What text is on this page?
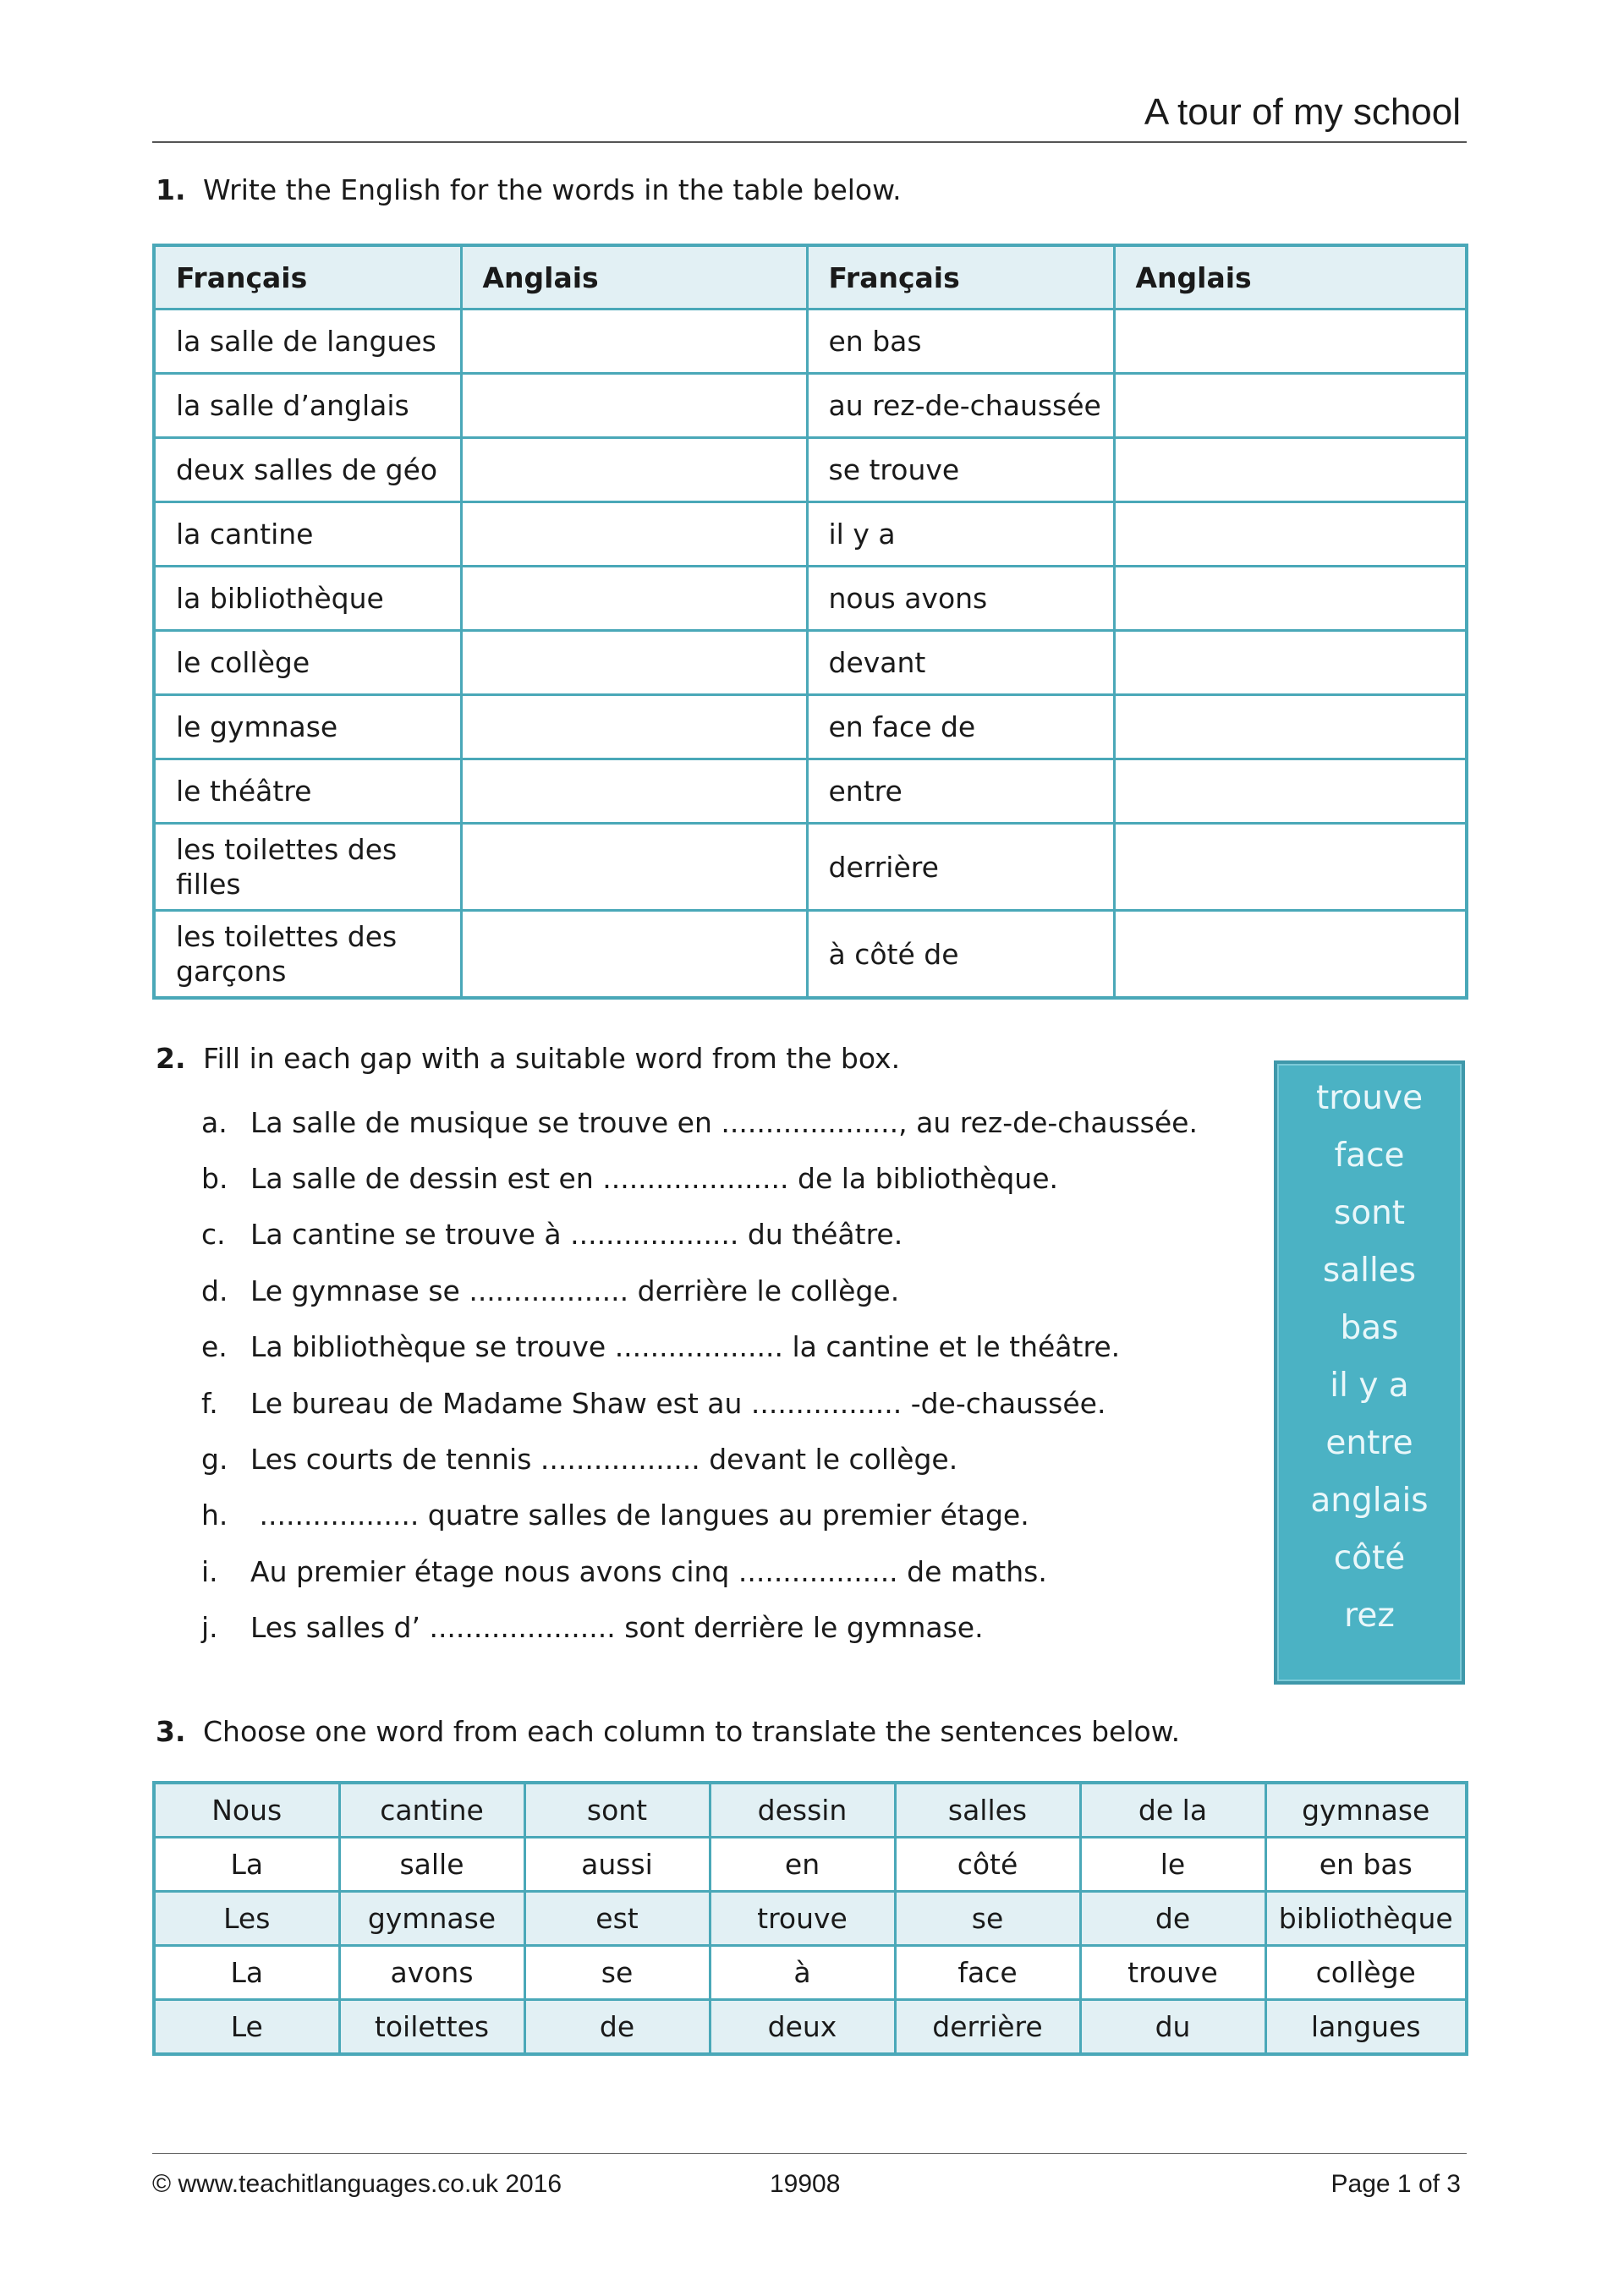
A tour of my school
1. Write the English for the words in the table below.
Français	Anglais	Français	Anglais
la salle de langues		en bas	
la salle d’anglais		au rez-de-chaussée	
deux salles de géo		se trouve	
la cantine		il y a	
la bibliothèque		nous avons	
le collège		devant	
le gymnase		en face de	
le théâtre		entre	
les toilettes des filles		derrière	
les toilettes des garçons		à côté de	
2. Fill in each gap with a suitable word from the box.
a. La salle de musique se trouve en ...................., au rez-de-chaussée.
b. La salle de dessin est en ..................... de la bibliothèque.
c. La cantine se trouve à ................... du théâtre.
d. Le gymnase se .................. derrière le collège.
e. La bibliothèque se trouve ................... la cantine et le théâtre.
f. Le bureau de Madame Shaw est au ................. -de-chaussée.
g. Les courts de tennis .................. devant le collège.
h. .................. quatre salles de langues au premier étage.
i. Au premier étage nous avons cinq .................. de maths.
j. Les salles d’ ..................... sont derrière le gymnase.
trouve
face
sont
salles
bas
il y a
entre
anglais
côté
rez
3. Choose one word from each column to translate the sentences below.
Nous	cantine	sont	dessin	salles	de la	gymnase
La	salle	aussi	en	côté	le	en bas
Les	gymnase	est	trouve	se	de	bibliothèque
La	avons	se	à	face	trouve	collège
Le	toilettes	de	deux	derrière	du	langues
© www.teachitlanguages.co.uk 2016	19908	Page 1 of 3
